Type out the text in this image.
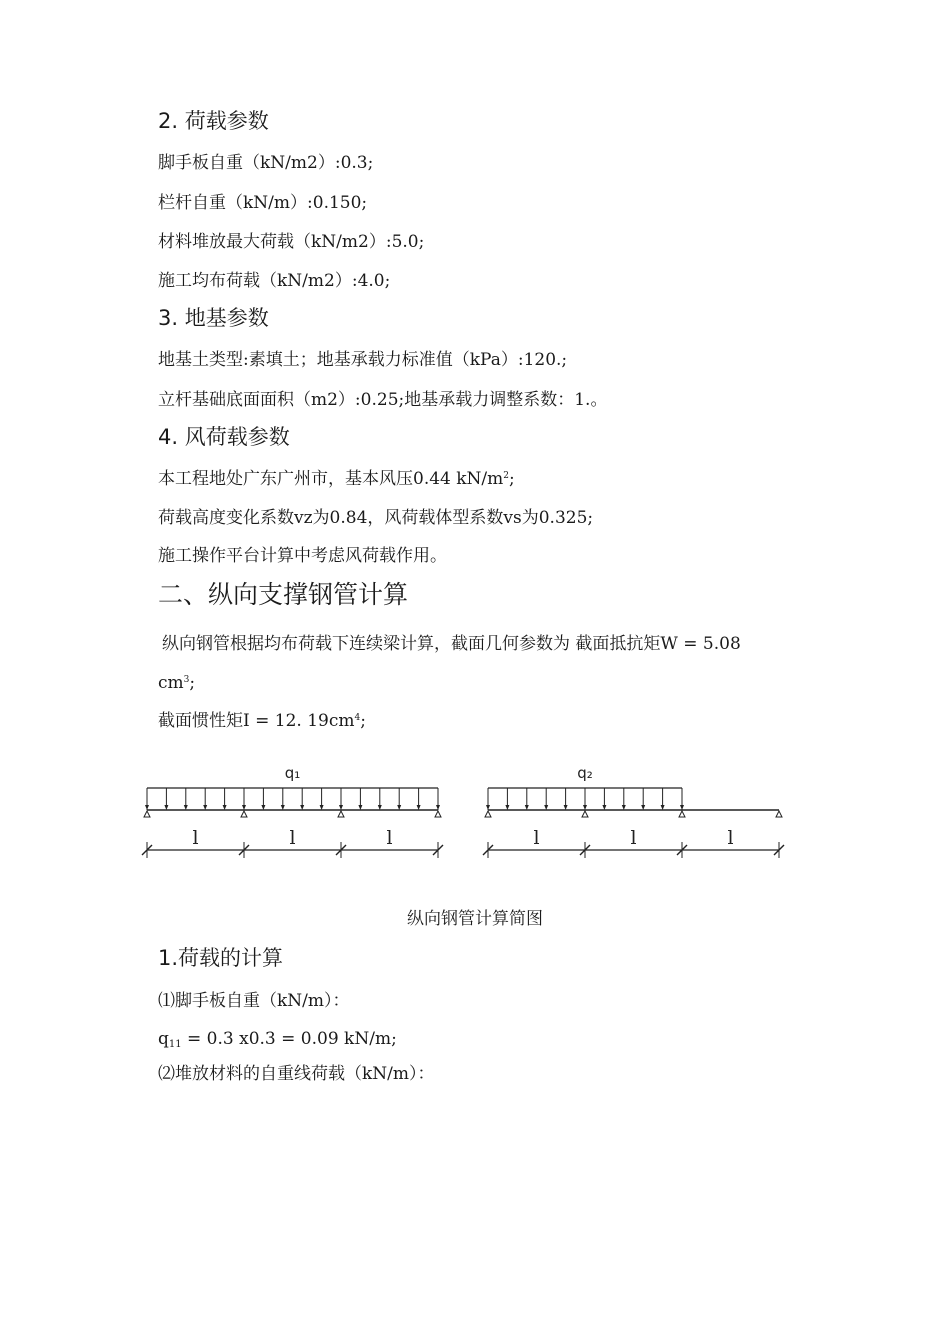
2. 荷载参数
脚手板自重（kN/m2）:0.3;
栏杆自重（kN/m）:0.150;
材料堆放最大荷载（kN/m2）:5.0;
施工均布荷载（kN/m2）:4.0;
3. 地基参数
地基土类型:素填土；地基承载力标准值（kPa）:120.;
立杆基础底面面积（m2）:0.25;地基承载力调整系数：1.。
4. 风荷载参数
本工程地处广东广州市，基本风压0.44 $kN/m^2$;
荷载高度变化系数vz为0.84，风荷载体型系数vs为0.325;
施工操作平台计算中考虑风荷载作用。
二、纵向支撑钢管计算
纵向钢管根据均布荷载下连续梁计算，截面几何参数为 截面抵抗矩W = 5.08
$cm^3$;
截面惯性矩I = 12. $19cm^4$;
q₁
l	l	l
q₂
l	l	l
纵向钢管计算简图
1.荷载的计算
⑴脚手板自重（kN/m）：
$q_{11} = 0.3$ x0.3 = 0.09 kN/m;
⑵堆放材料的自重线荷载（kN/m）：
